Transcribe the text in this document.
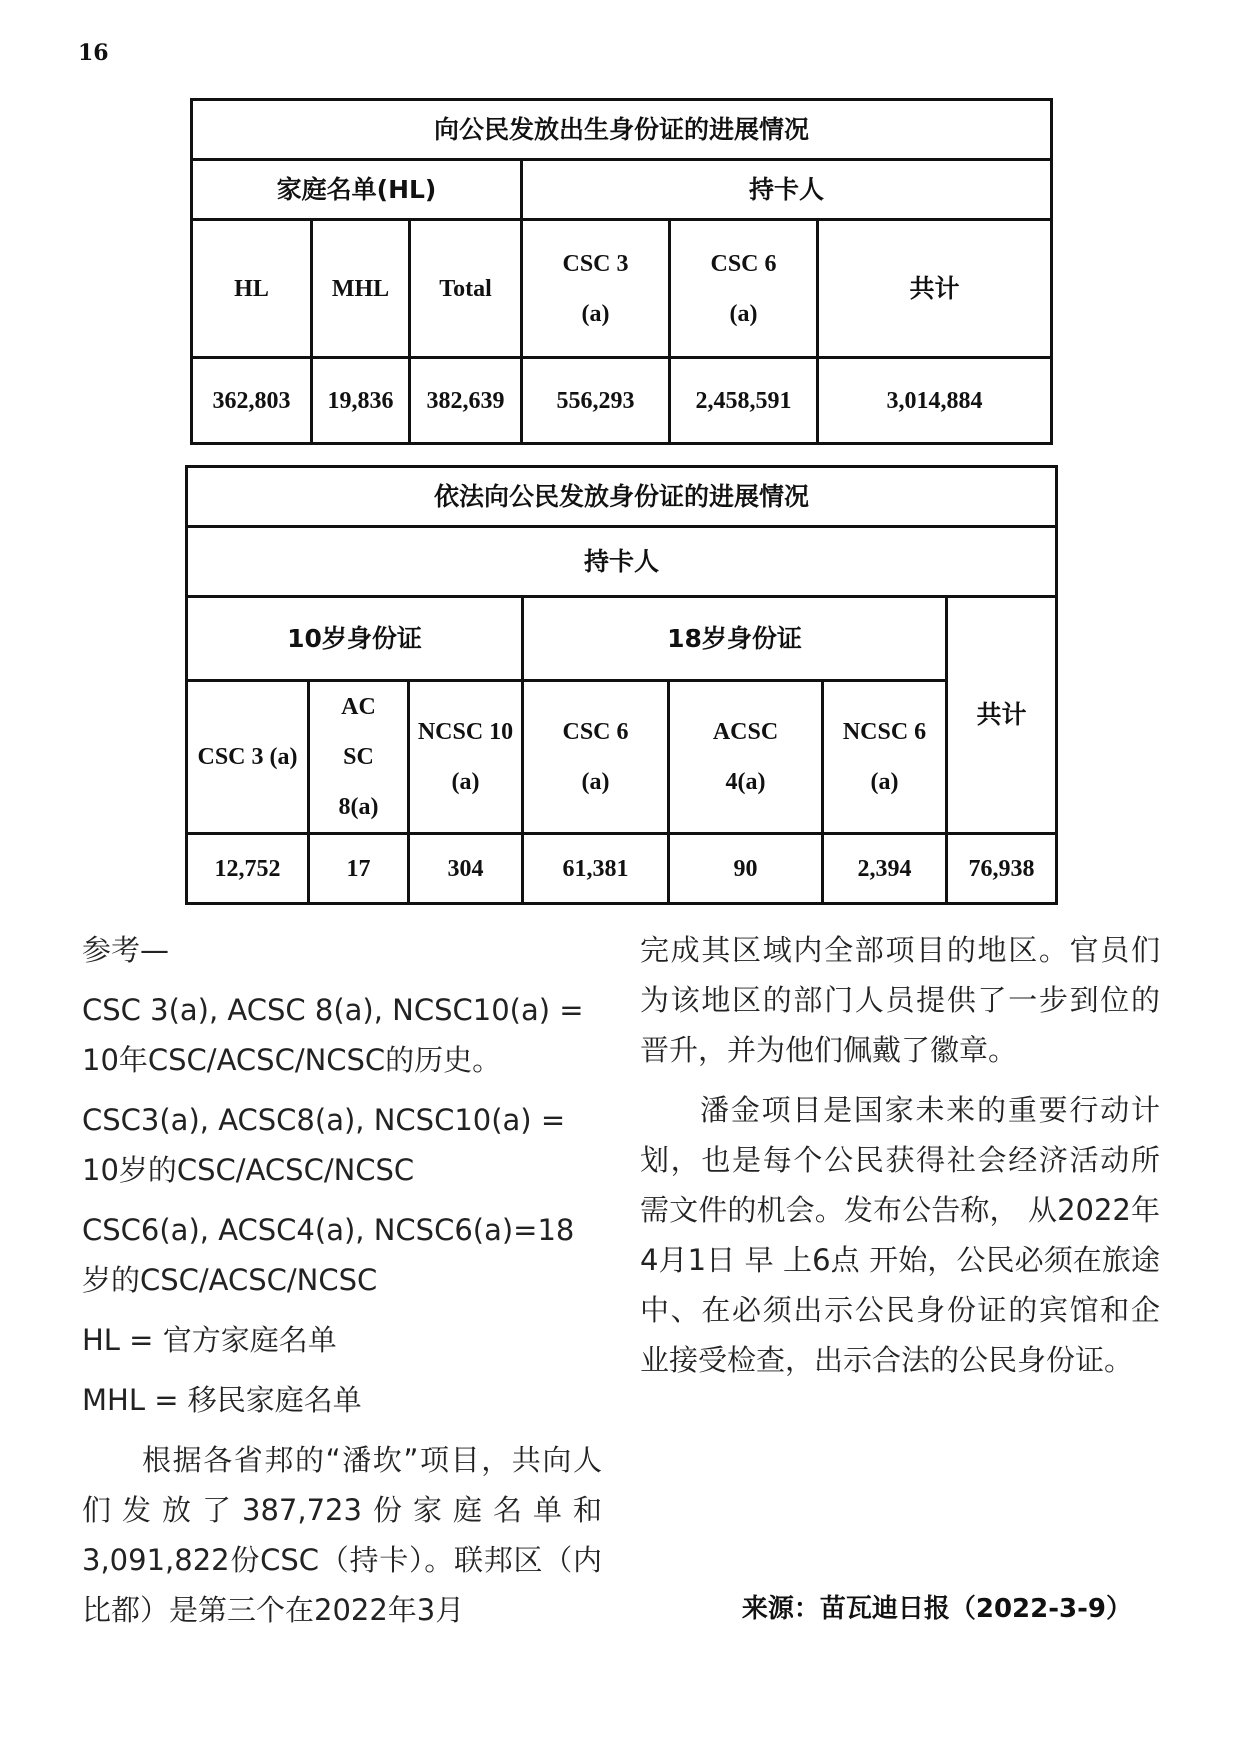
16
向公民发放出生身份证的进展情况					
家庭名单(HL)			持卡人		
HL	MHL	Total	CSC 3(a)	CSC 6(a)	共计
362,803	19,836	382,639	556,293	2,458,591	3,014,884
依法向公民发放身份证的进展情况						
持卡人						
10岁身份证			18岁身份证			共计
CSC 3 (a)	ACSC 8(a)	NCSC 10(a)	CSC 6(a)	ACSC 4(a)	NCSC 6(a)	
12,752	17	304	61,381	90	2,394	76,938

参考—

CSC 3(a), ACSC 8(a), NCSC10(a) = 10年CSC/ACSC/NCSC的历史。

CSC3(a), ACSC8(a), NCSC10(a) = 10岁的CSC/ACSC/NCSC

CSC6(a), ACSC4(a), NCSC6(a)=18岁的CSC/ACSC/NCSC

HL = 官方家庭名单

MHL = 移民家庭名单

根据各省邦的“潘坎”项目，共向人们发放了387,723份家庭名单和3,091,822份CSC（持卡）。联邦区（内比都）是第三个在2022年3月

完成其区域内全部项目的地区。官员们为该地区的部门人员提供了一步到位的晋升，并为他们佩戴了徽章。

潘金项目是国家未来的重要行动计划，也是每个公民获得社会经济活动所需文件的机会。发布公告称， 从2022年4月1日 早 上6点 开始，公民必须在旅途中、在必须出示公民身份证的宾馆和企业接受检查，出示合法的公民身份证。

来源：苗瓦迪日报（2022-3-9）
